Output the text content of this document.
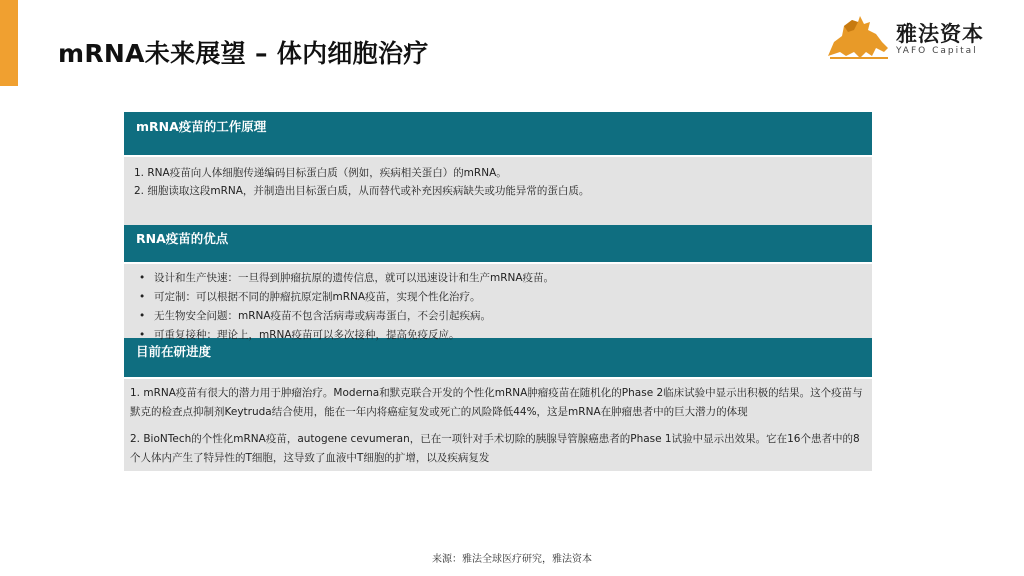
mRNA未来展望 – 体内细胞治疗
雅法资本
YAFO Capital
mRNA疫苗的工作原理
1. RNA疫苗向人体细胞传递编码目标蛋白质（例如，疾病相关蛋白）的mRNA。
2. 细胞读取这段mRNA，并制造出目标蛋白质，从而替代或补充因疾病缺失或功能异常的蛋白质。
RNA疫苗的优点
• 设计和生产快速：一旦得到肿瘤抗原的遗传信息，就可以迅速设计和生产mRNA疫苗。
• 可定制：可以根据不同的肿瘤抗原定制mRNA疫苗，实现个性化治疗。
• 无生物安全问题：mRNA疫苗不包含活病毒或病毒蛋白，不会引起疾病。
• 可重复接种：理论上，mRNA疫苗可以多次接种，提高免疫反应。
目前在研进度

1. mRNA疫苗有很大的潜力用于肿瘤治疗。Moderna和默克联合开发的个性化mRNA肿瘤疫苗在随机化的Phase 2临床试验中显示出积极的结果。这个疫苗与默克的检查点抑制剂Keytruda结合使用，能在一年内将癌症复发或死亡的风险降低44%，这是mRNA在肿瘤患者中的巨大潜力的体现

2. BioNTech的个性化mRNA疫苗，autogene cevumeran，已在一项针对手术切除的胰腺导管腺癌患者的Phase 1试验中显示出效果。它在16个患者中的8个人体内产生了特异性的T细胞，这导致了血液中T细胞的扩增，以及疾病复发

来源：雅法全球医疗研究，雅法资本
